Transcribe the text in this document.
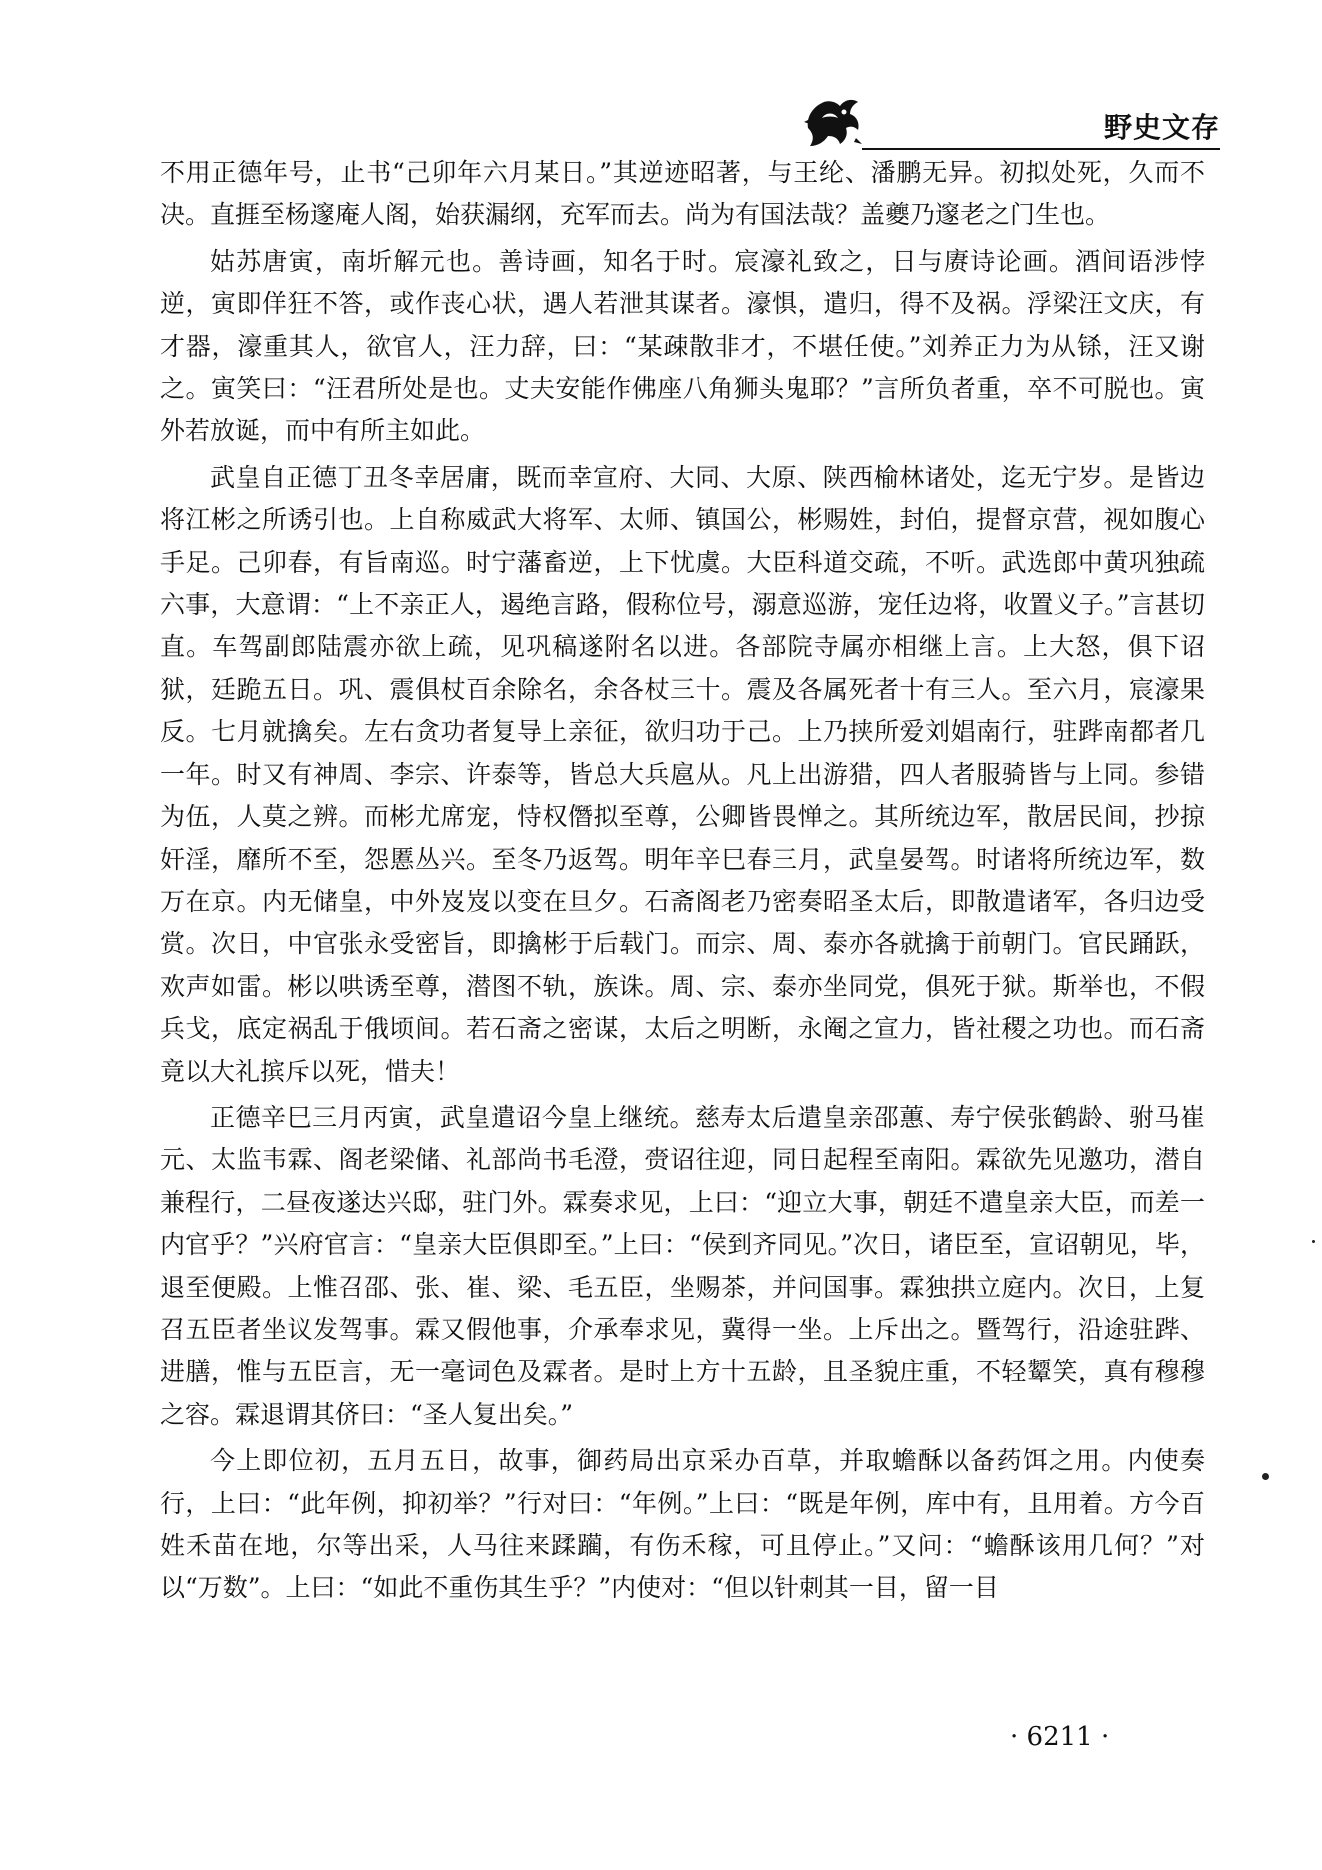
野史文存

不用正德年号，止书“己卯年六月某日。”其逆迹昭著，与王纶、潘鹏无异。初拟处死，久而不决。直捱至杨邃庵人阁，始获漏纲，充军而去。尚为有国法哉？盖夔乃邃老之门生也。

姑苏唐寅，南圻解元也。善诗画，知名于时。宸濠礼致之，日与赓诗论画。酒间语涉悖逆，寅即佯狂不答，或作丧心状，遇人若泄其谋者。濠惧，遣归，得不及祸。浮梁汪文庆，有才器，濠重其人，欲官人，汪力辞，曰：“某疎散非才，不堪任使。”刘养正力为从铩，汪又谢之。寅笑曰：“汪君所处是也。丈夫安能作佛座八角狮头鬼耶？”言所负者重，卒不可脱也。寅外若放诞，而中有所主如此。

武皇自正德丁丑冬幸居庸，既而幸宣府、大同、大原、陕西榆林诸处，迄无宁岁。是皆边将江彬之所诱引也。上自称威武大将军、太师、镇国公，彬赐姓，封伯，提督京营，视如腹心手足。己卯春，有旨南巡。时宁藩畜逆，上下忧虞。大臣科道交疏，不听。武选郎中黄巩独疏六事，大意谓：“上不亲正人，遏绝言路，假称位号，溺意巡游，宠任边将，收置义子。”言甚切直。车驾副郎陆震亦欲上疏，见巩稿遂附名以进。各部院寺属亦相继上言。上大怒，俱下诏狱，廷跪五日。巩、震俱杖百余除名，余各杖三十。震及各属死者十有三人。至六月，宸濠果反。七月就擒矣。左右贪功者复导上亲征，欲归功于己。上乃挟所爱刘娼南行，驻跸南都者几一年。时又有神周、李宗、许泰等，皆总大兵扈从。凡上出游猎，四人者服骑皆与上同。参错为伍，人莫之辨。而彬尤席宠，恃权僭拟至尊，公卿皆畏惮之。其所统边军，散居民间，抄掠奸淫，靡所不至，怨慝丛兴。至冬乃返驾。明年辛巳春三月，武皇晏驾。时诸将所统边军，数万在京。内无储皇，中外岌岌以变在旦夕。石斋阁老乃密奏昭圣太后，即散遣诸军，各归边受赏。次日，中官张永受密旨，即擒彬于后载门。而宗、周、泰亦各就擒于前朝门。官民踊跃，欢声如雷。彬以哄诱至尊，潜图不轨，族诛。周、宗、泰亦坐同党，俱死于狱。斯举也，不假兵戈，底定祸乱于俄顷间。若石斋之密谋，太后之明断，永阉之宣力，皆社稷之功也。而石斋竟以大礼摈斥以死，惜夫！

正德辛巳三月丙寅，武皇遣诏今皇上继统。慈寿太后遣皇亲邵蕙、寿宁侯张鹤龄、驸马崔元、太监韦霖、阁老梁储、礼部尚书毛澄，赍诏往迎，同日起程至南阳。霖欲先见邀功，潜自兼程行，二昼夜遂达兴邸，驻门外。霖奏求见，上曰：“迎立大事，朝廷不遣皇亲大臣，而差一内官乎？”兴府官言：“皇亲大臣俱即至。”上曰：“侯到齐同见。”次日，诸臣至，宣诏朝见，毕，退至便殿。上惟召邵、张、崔、梁、毛五臣，坐赐茶，并问国事。霖独拱立庭内。次日，上复召五臣者坐议发驾事。霖又假他事，介承奉求见，冀得一坐。上斥出之。暨驾行，沿途驻跸、进膳，惟与五臣言，无一毫词色及霖者。是时上方十五龄，且圣貌庄重，不轻颦笑，真有穆穆之容。霖退谓其侪曰：“圣人复出矣。”

今上即位初，五月五日，故事，御药局出京采办百草，并取蟾酥以备药饵之用。内使奏行，上曰：“此年例，抑初举？”行对曰：“年例。”上曰：“既是年例，库中有，且用着。方今百姓禾苗在地，尔等出采，人马往来蹂躏，有伤禾稼，可且停止。”又问：“蟾酥该用几何？”对以“万数”。上曰：“如此不重伤其生乎？”内使对：“但以针刺其一目，留一目

· 6211 ·
